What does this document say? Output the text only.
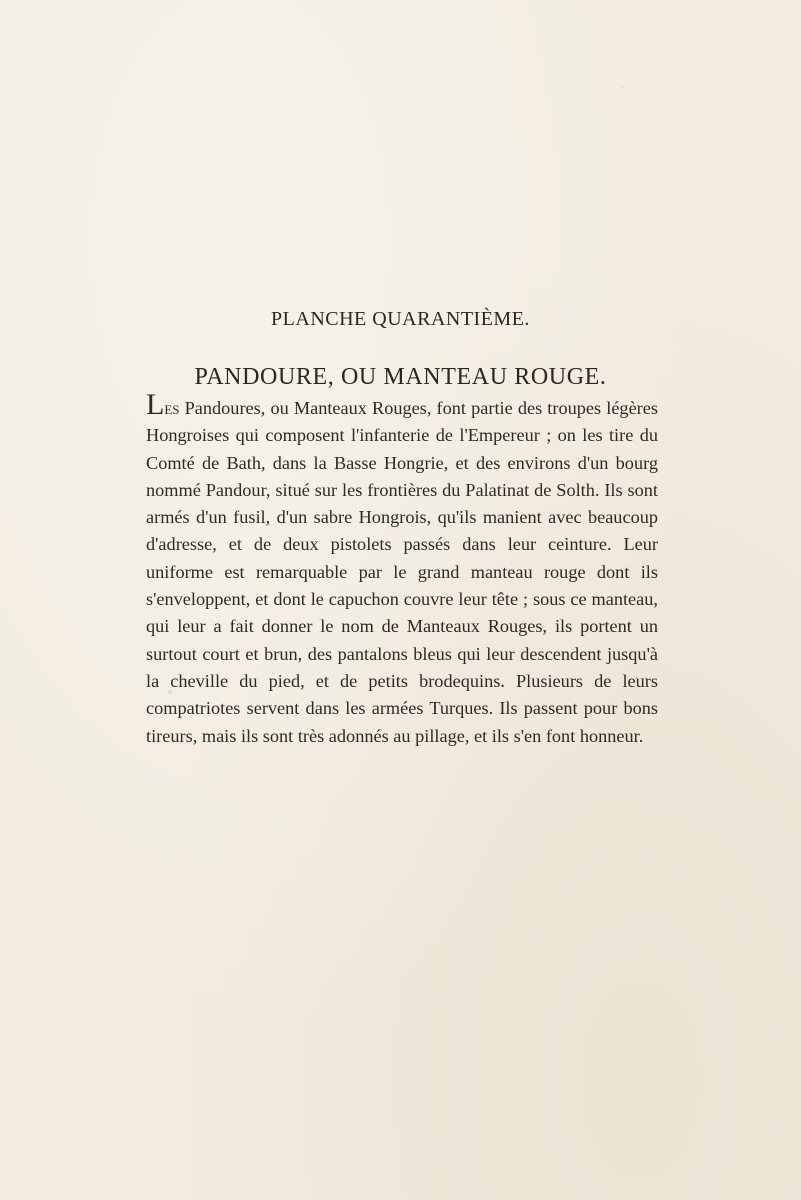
PLANCHE QUARANTIÈME.
PANDOURE, OU MANTEAU ROUGE.

Les Pandoures, ou Manteaux Rouges, font partie des troupes légères Hongroises qui composent l'infanterie de l'Empereur ; on les tire du Comté de Bath, dans la Basse Hongrie, et des environs d'un bourg nommé Pandour, situé sur les frontières du Palatinat de Solth. Ils sont armés d'un fusil, d'un sabre Hongrois, qu'ils manient avec beaucoup d'adresse, et de deux pistolets passés dans leur ceinture. Leur uniforme est remarquable par le grand manteau rouge dont ils s'enveloppent, et dont le capuchon couvre leur tête ; sous ce manteau, qui leur a fait donner le nom de Manteaux Rouges, ils portent un surtout court et brun, des pantalons bleus qui leur descendent jusqu'à la cheville du pied, et de petits brodequins. Plusieurs de leurs compatriotes servent dans les armées Turques. Ils passent pour bons tireurs, mais ils sont très adonnés au pillage, et ils s'en font honneur.
